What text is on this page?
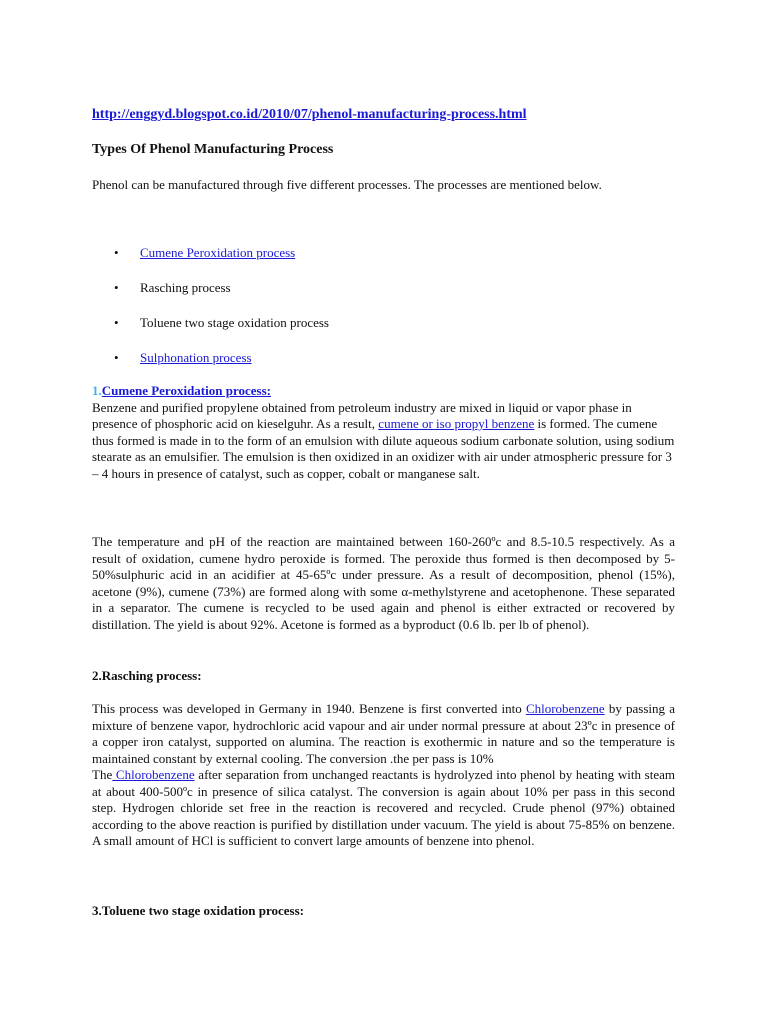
http://enggyd.blogspot.co.id/2010/07/phenol-manufacturing-process.html
Types Of Phenol Manufacturing Process

Phenol can be manufactured through five different processes. The processes are mentioned below.

• Cumene Peroxidation process
• Rasching process
• Toluene two stage oxidation process
• Sulphonation process
1.Cumene Peroxidation process:

Benzene and purified propylene obtained from petroleum industry are mixed in liquid or vapor phase in presence of phosphoric acid on kieselguhr. As a result, cumene or iso propyl benzene is formed. The cumene thus formed is made in to the form of an emulsion with dilute aqueous sodium carbonate solution, using sodium stearate as an emulsifier. The emulsion is then oxidized in an oxidizer with air under atmospheric pressure for 3 – 4 hours in presence of catalyst, such as copper, cobalt or manganese salt.

The temperature and pH of the reaction are maintained between 160-260ºc and 8.5-10.5 respectively. As a result of oxidation, cumene hydro peroxide is formed. The peroxide thus formed is then decomposed by 5-50%sulphuric acid in an acidifier at 45-65ºc under pressure. As a result of decomposition, phenol (15%), acetone (9%), cumene (73%) are formed along with some α-methylstyrene and acetophenone. These separated in a separator. The cumene is recycled to be used again and phenol is either extracted or recovered by distillation. The yield is about 92%. Acetone is formed as a byproduct (0.6 lb. per lb of phenol).

2.Rasching process:

This process was developed in Germany in 1940. Benzene is first converted into Chlorobenzene by passing a mixture of benzene vapor, hydrochloric acid vapour and air under normal pressure at about 23ºc in presence of a copper iron catalyst, supported on alumina. The reaction is exothermic in nature and so the temperature is maintained constant by external cooling. The conversion .the per pass is 10%

The Chlorobenzene after separation from unchanged reactants is hydrolyzed into phenol by heating with steam at about 400-500ºc in presence of silica catalyst. The conversion is again about 10% per pass in this second step. Hydrogen chloride set free in the reaction is recovered and recycled. Crude phenol (97%) obtained according to the above reaction is purified by distillation under vacuum. The yield is about 75-85% on benzene. A small amount of HCl is sufficient to convert large amounts of benzene into phenol.

3.Toluene two stage oxidation process:
